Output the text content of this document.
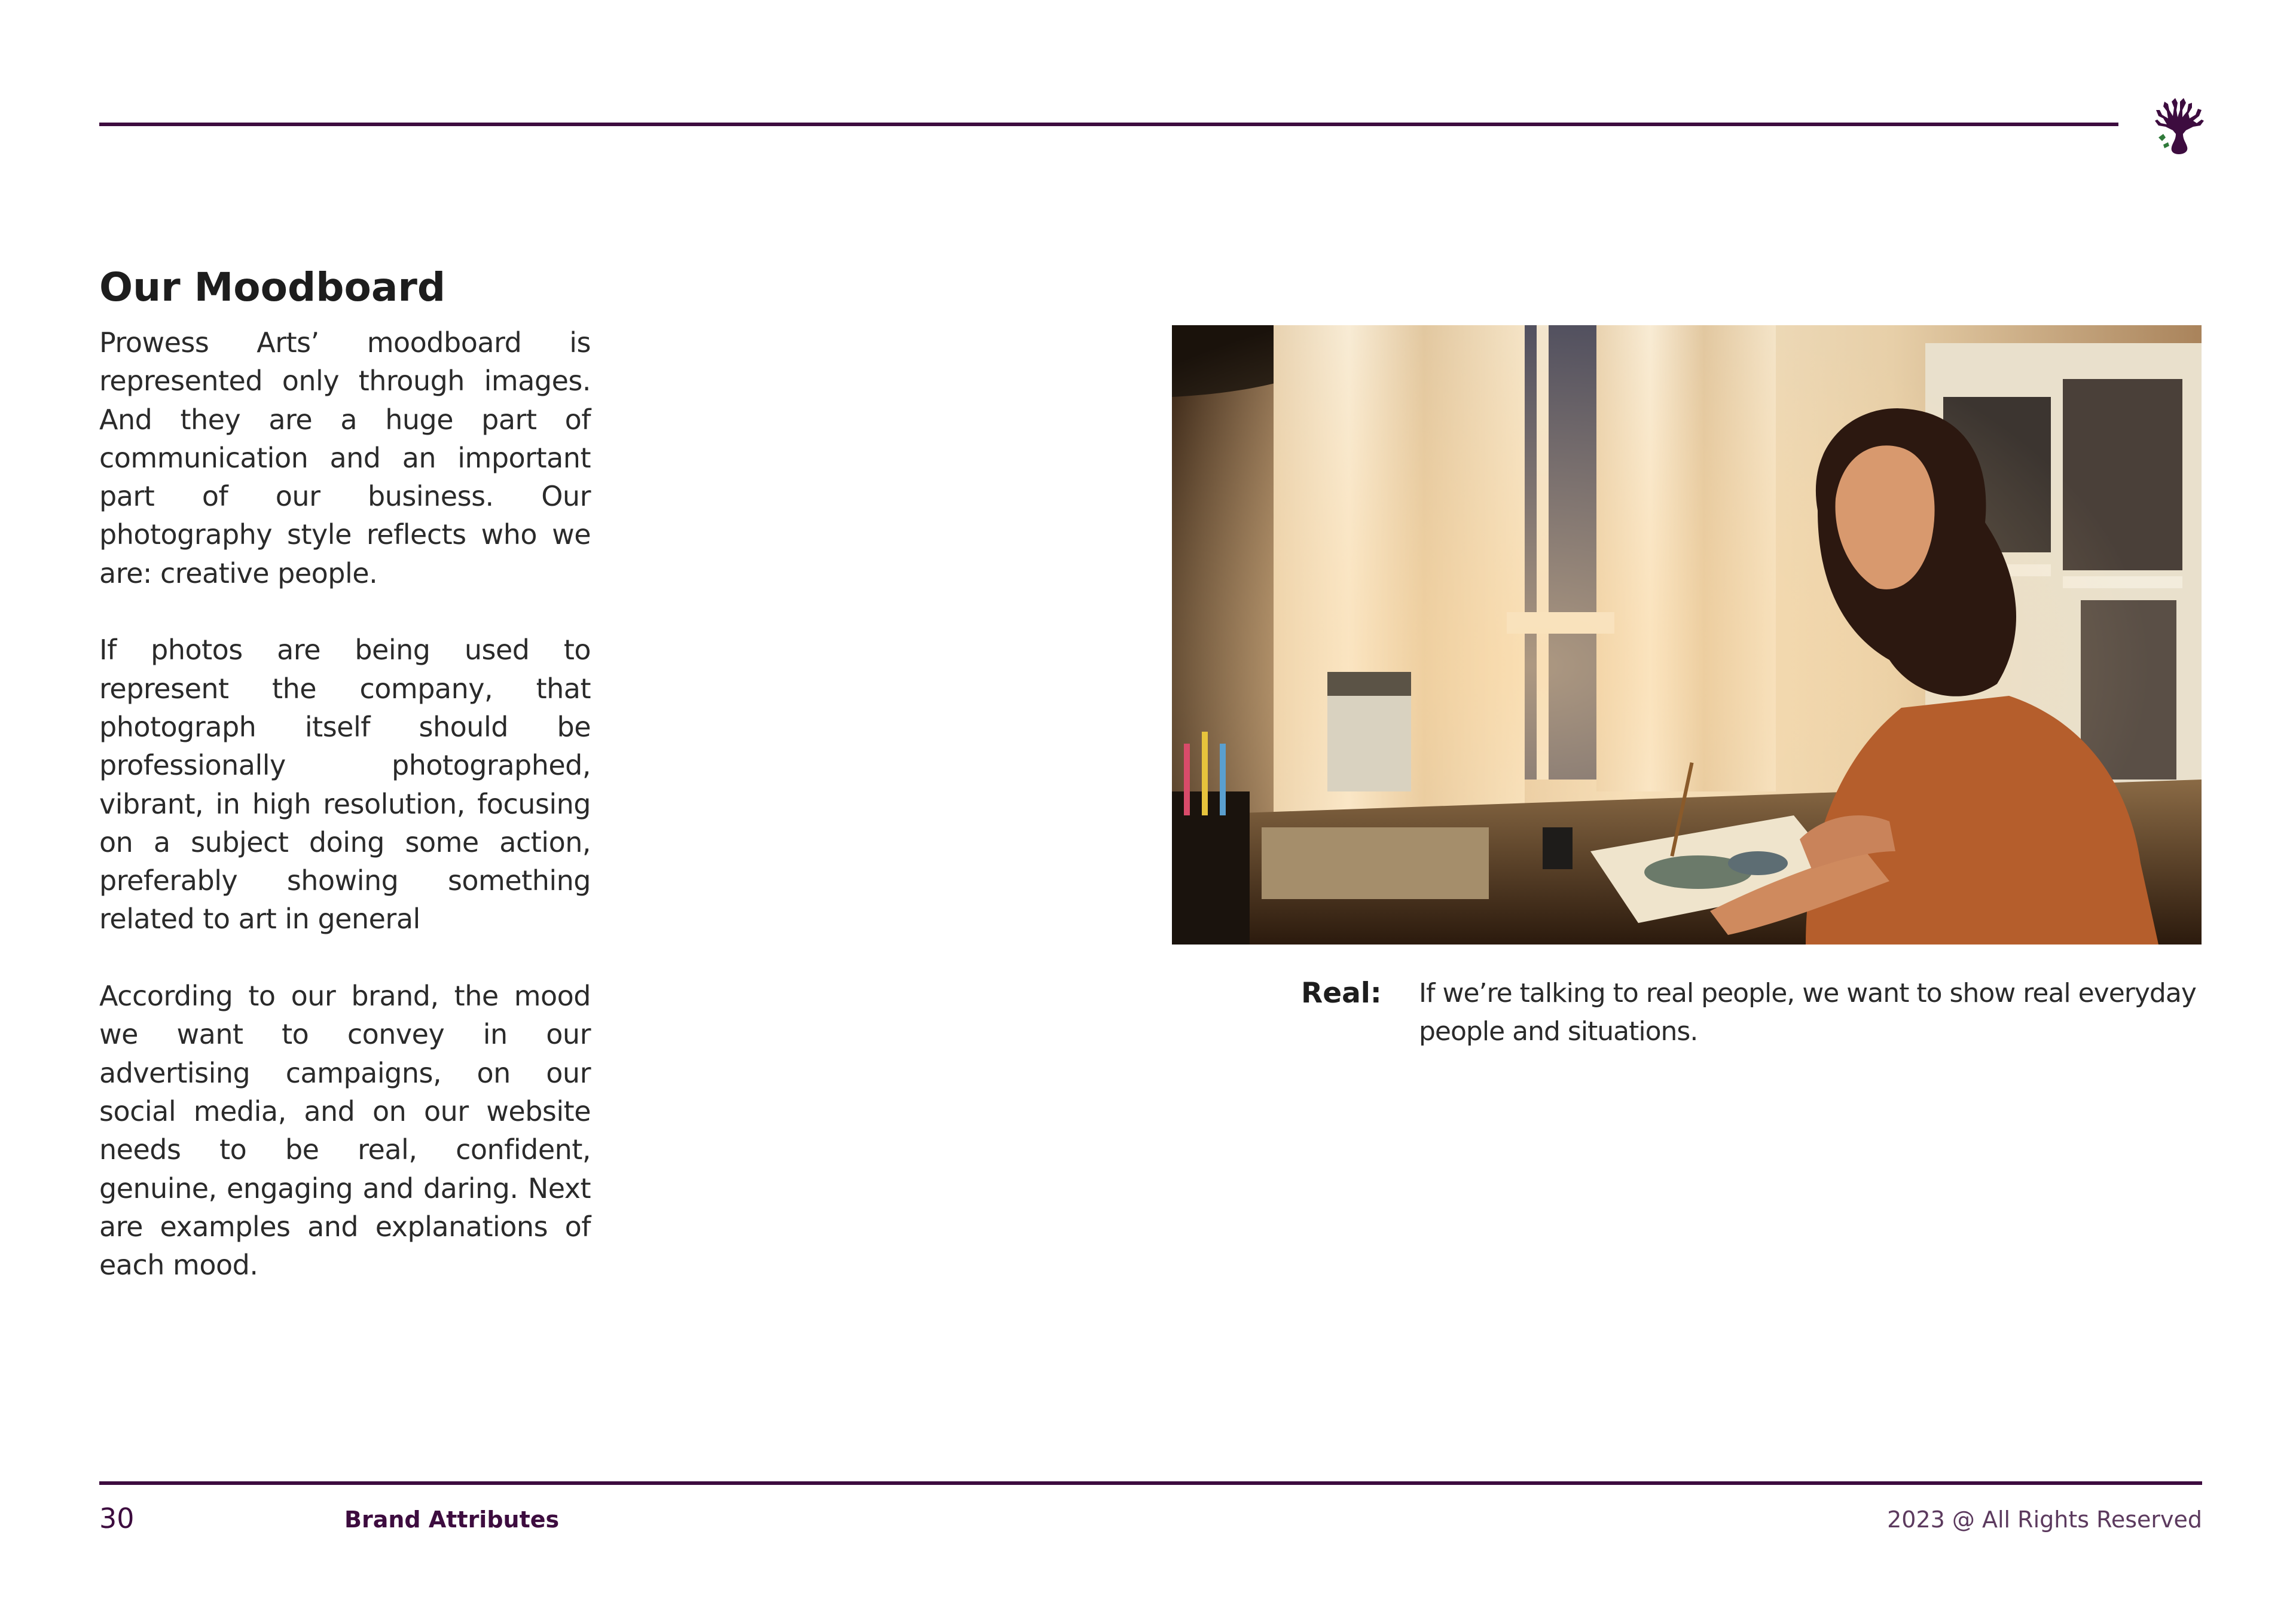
Our Moodboard

Prowess Arts’ moodboard is represented only through images. And they are a huge part of communication and an important part of our business. Our photography style reflects who we are: creative people.

If photos are being used to represent the company, that photograph itself should be professionally photographed, vibrant, in high resolution, focusing on a subject doing some action, preferably showing something related to art in general

According to our brand, the mood we want to convey in our advertising campaigns, on our social media, and on our website needs to be real, confident, genuine, engaging and daring. Next are examples and explanations of each mood.

Real: If we’re talking to real people, we want to show real everyday people and situations.
30	Brand Attributes	2023 @ All Rights Reserved
